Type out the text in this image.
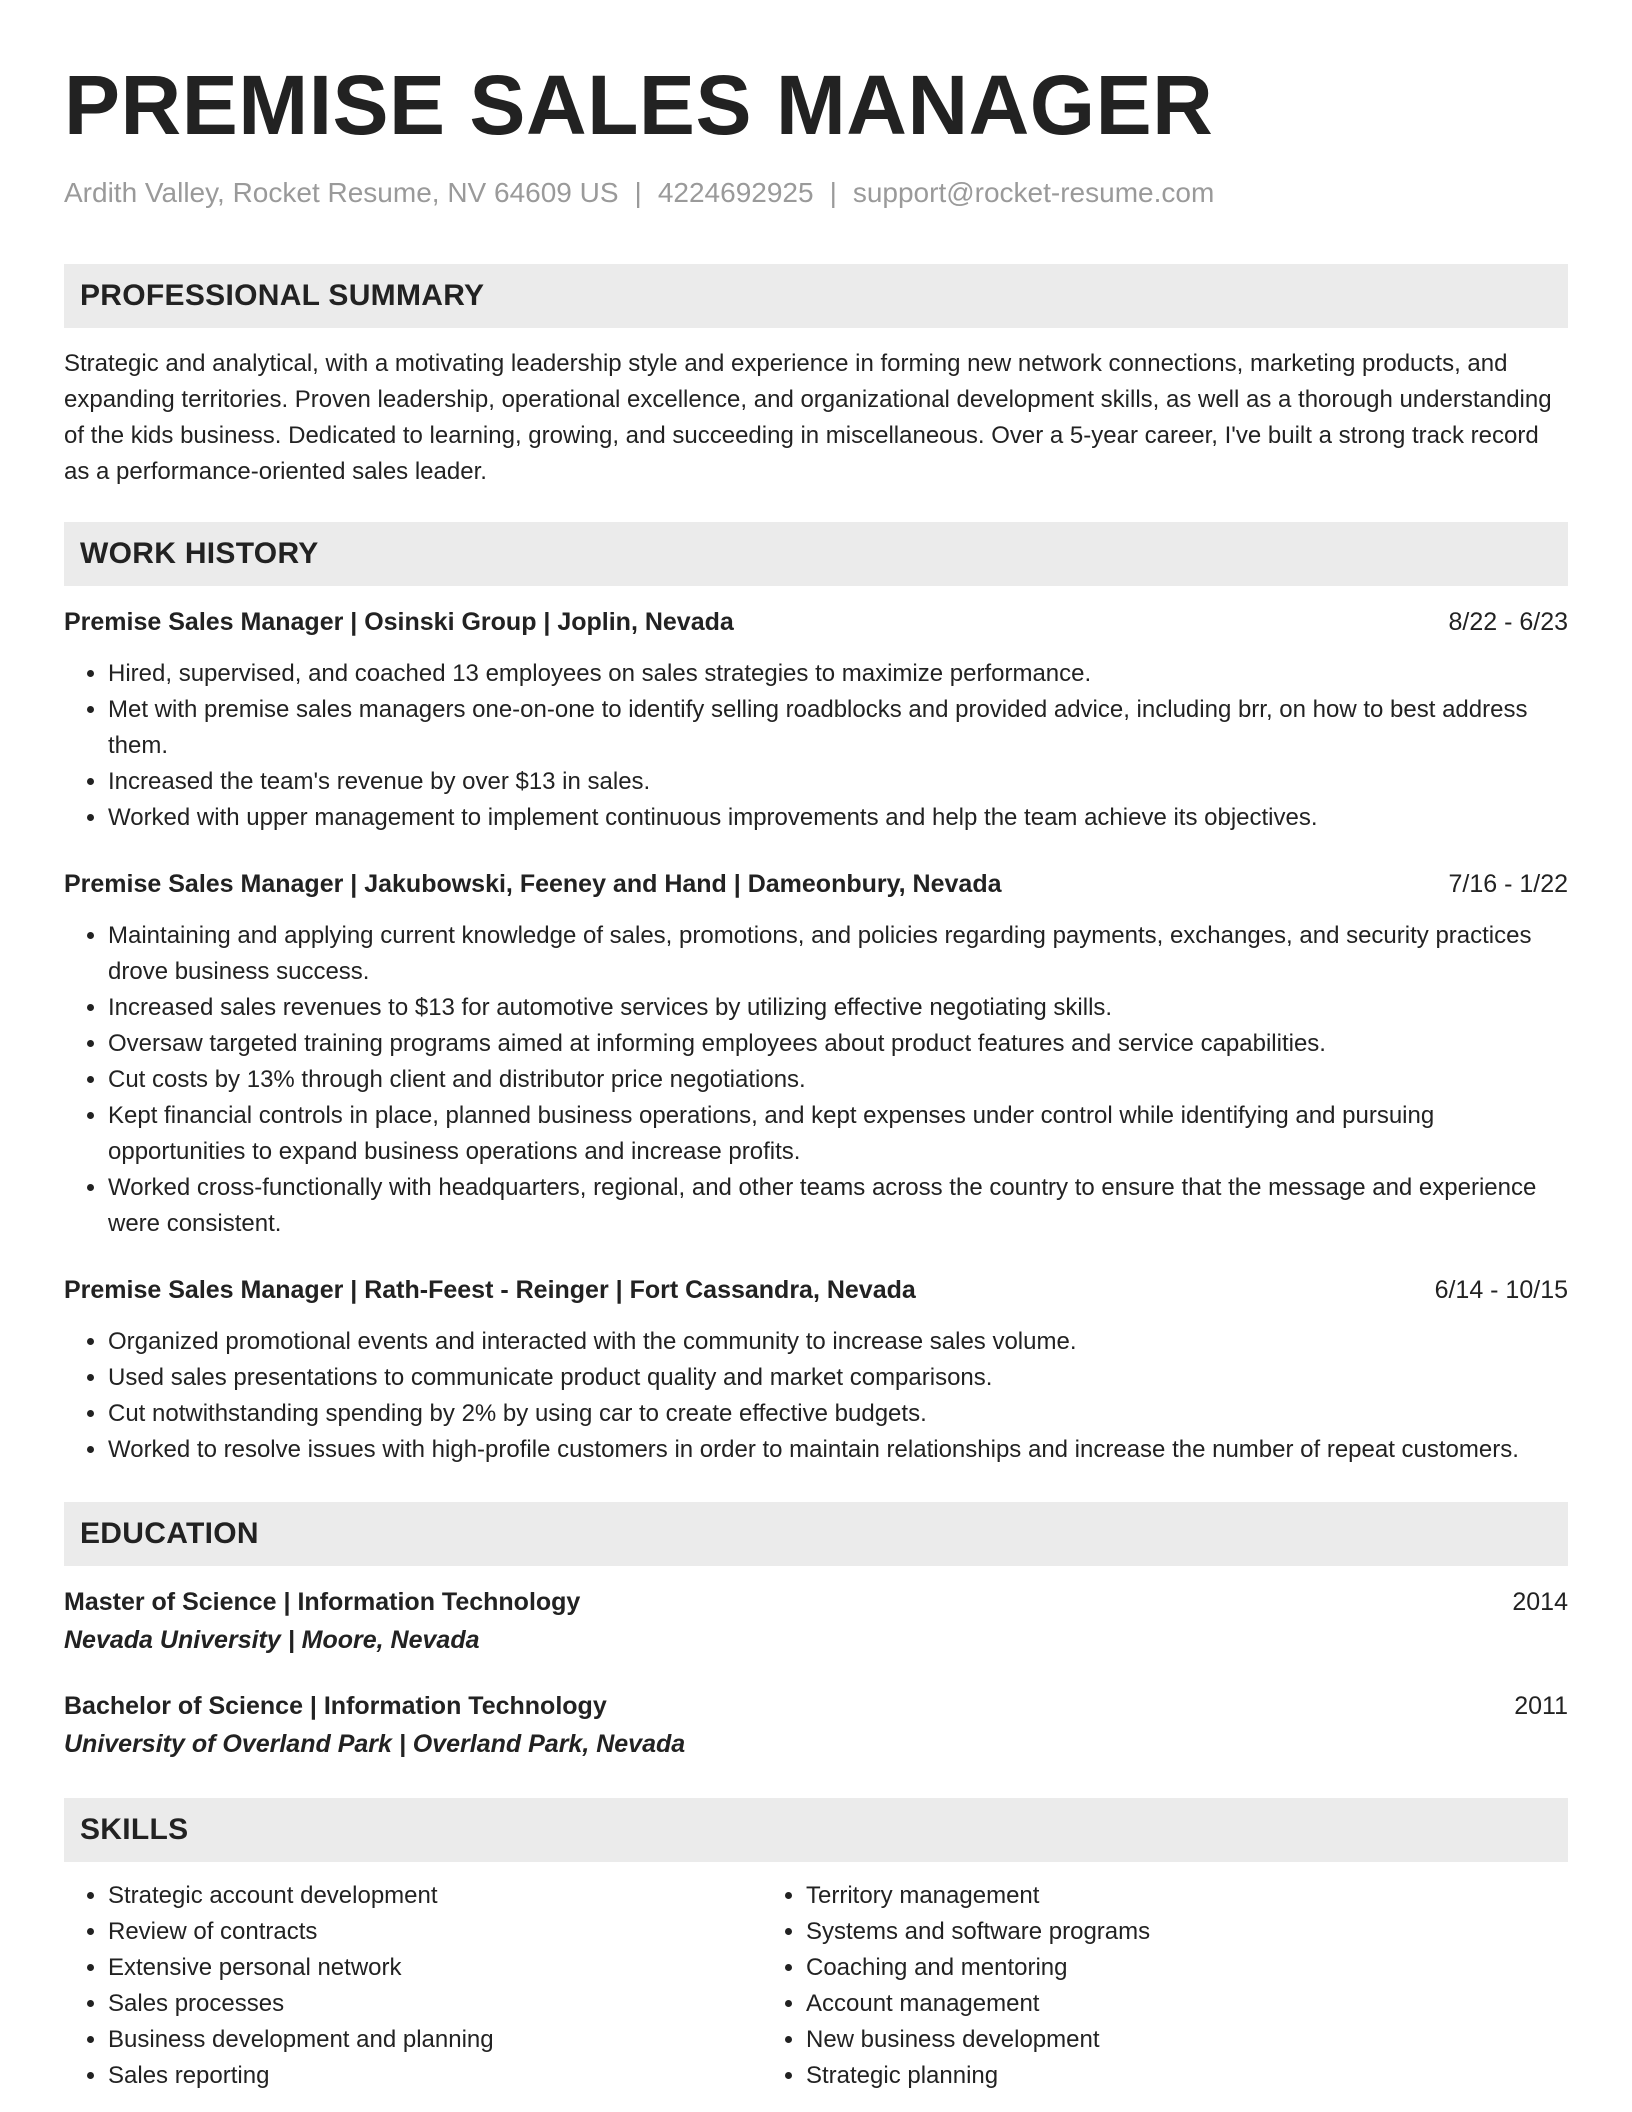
PREMISE SALES MANAGER
Ardith Valley, Rocket Resume, NV 64609 US | 4224692925 | support@rocket-resume.com
PROFESSIONAL SUMMARY
Strategic and analytical, with a motivating leadership style and experience in forming new network connections, marketing products, and expanding territories. Proven leadership, operational excellence, and organizational development skills, as well as a thorough understanding of the kids business. Dedicated to learning, growing, and succeeding in miscellaneous. Over a 5-year career, I've built a strong track record as a performance-oriented sales leader.
WORK HISTORY
Premise Sales Manager | Osinski Group | Joplin, Nevada	8/22 - 6/23
• Hired, supervised, and coached 13 employees on sales strategies to maximize performance.
• Met with premise sales managers one-on-one to identify selling roadblocks and provided advice, including brr, on how to best address them.
• Increased the team's revenue by over $13 in sales.
• Worked with upper management to implement continuous improvements and help the team achieve its objectives.
Premise Sales Manager | Jakubowski, Feeney and Hand | Dameonbury, Nevada	7/16 - 1/22
• Maintaining and applying current knowledge of sales, promotions, and policies regarding payments, exchanges, and security practices drove business success.
• Increased sales revenues to $13 for automotive services by utilizing effective negotiating skills.
• Oversaw targeted training programs aimed at informing employees about product features and service capabilities.
• Cut costs by 13% through client and distributor price negotiations.
• Kept financial controls in place, planned business operations, and kept expenses under control while identifying and pursuing opportunities to expand business operations and increase profits.
• Worked cross-functionally with headquarters, regional, and other teams across the country to ensure that the message and experience were consistent.
Premise Sales Manager | Rath-Feest - Reinger | Fort Cassandra, Nevada	6/14 - 10/15
• Organized promotional events and interacted with the community to increase sales volume.
• Used sales presentations to communicate product quality and market comparisons.
• Cut notwithstanding spending by 2% by using car to create effective budgets.
• Worked to resolve issues with high-profile customers in order to maintain relationships and increase the number of repeat customers.
EDUCATION
Master of Science | Information Technology	2014
Nevada University | Moore, Nevada
Bachelor of Science | Information Technology	2011
University of Overland Park | Overland Park, Nevada
SKILLS
• Strategic account development
• Review of contracts
• Extensive personal network
• Sales processes
• Business development and planning
• Sales reporting
• Territory management
• Systems and software programs
• Coaching and mentoring
• Account management
• New business development
• Strategic planning
